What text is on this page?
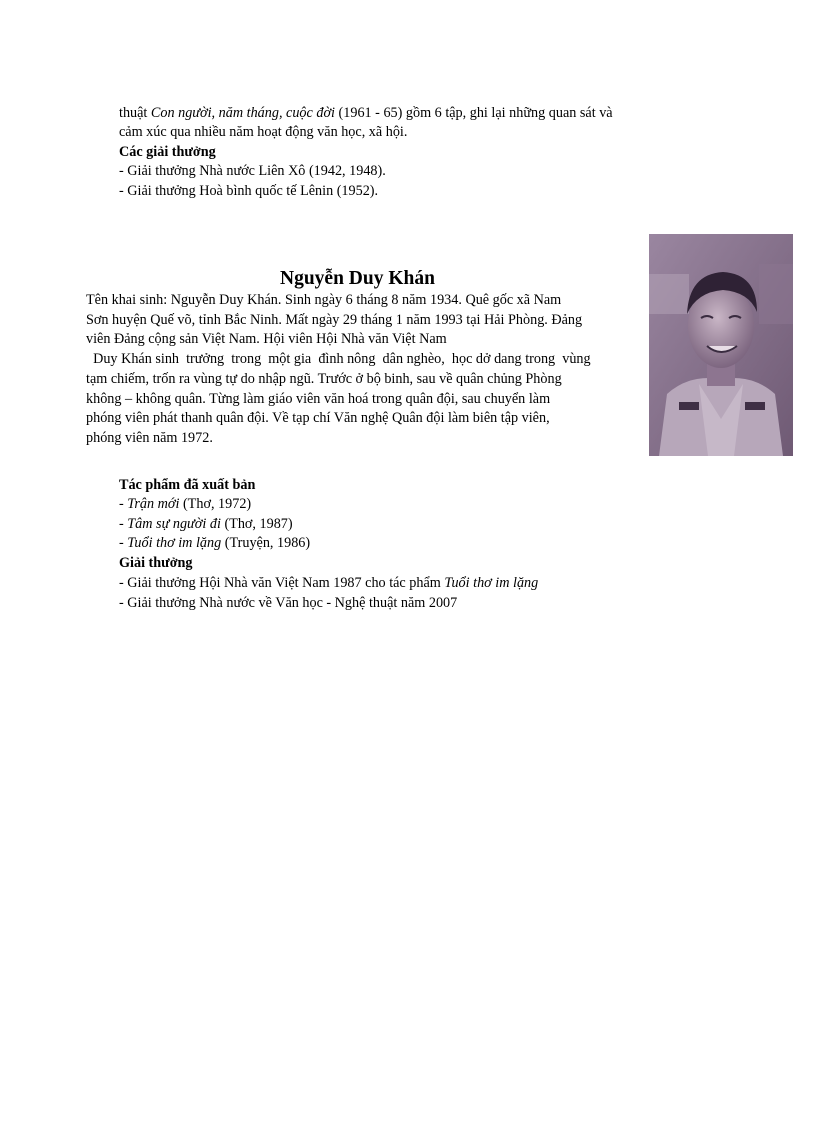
thuật Con người, năm tháng, cuộc đời (1961 - 65) gồm 6 tập, ghi lại những quan sát và
cảm xúc qua nhiều năm hoạt động văn học, xã hội.
Các giải thưởng
- Giải thưởng Nhà nước Liên Xô (1942, 1948).
- Giải thưởng Hoà bình quốc tế Lênin (1952).
Nguyễn Duy Khán
Tên khai sinh: Nguyễn Duy Khán. Sinh ngày 6 tháng 8 năm 1934. Quê gốc xã Nam
Sơn huyện Quế võ, tỉnh Bắc Ninh. Mất ngày 29 tháng 1 năm 1993 tại Hải Phòng. Đảng
viên Đảng cộng sản Việt Nam. Hội viên Hội Nhà văn Việt Nam
Duy Khán sinh  trưởng  trong  một gia  đình nông  dân nghèo,  học dở dang trong  vùng
tạm chiếm, trốn ra vùng tự do nhập ngũ. Trước ở bộ binh, sau về quân chủng Phòng
không – không quân. Từng làm giáo viên văn hoá trong quân đội, sau chuyển làm
phóng viên phát thanh quân đội. Về tạp chí Văn nghệ Quân đội làm biên tập viên,
phóng viên năm 1972.
Tác phẩm đã xuất bản
- Trận mới (Thơ, 1972)
- Tâm sự người đi (Thơ, 1987)
- Tuổi thơ im lặng (Truyện, 1986)
Giải thưởng
- Giải thưởng Hội Nhà văn Việt Nam 1987 cho tác phẩm Tuổi thơ im lặng
- Giải thưởng Nhà nước về Văn học - Nghệ thuật năm 2007
